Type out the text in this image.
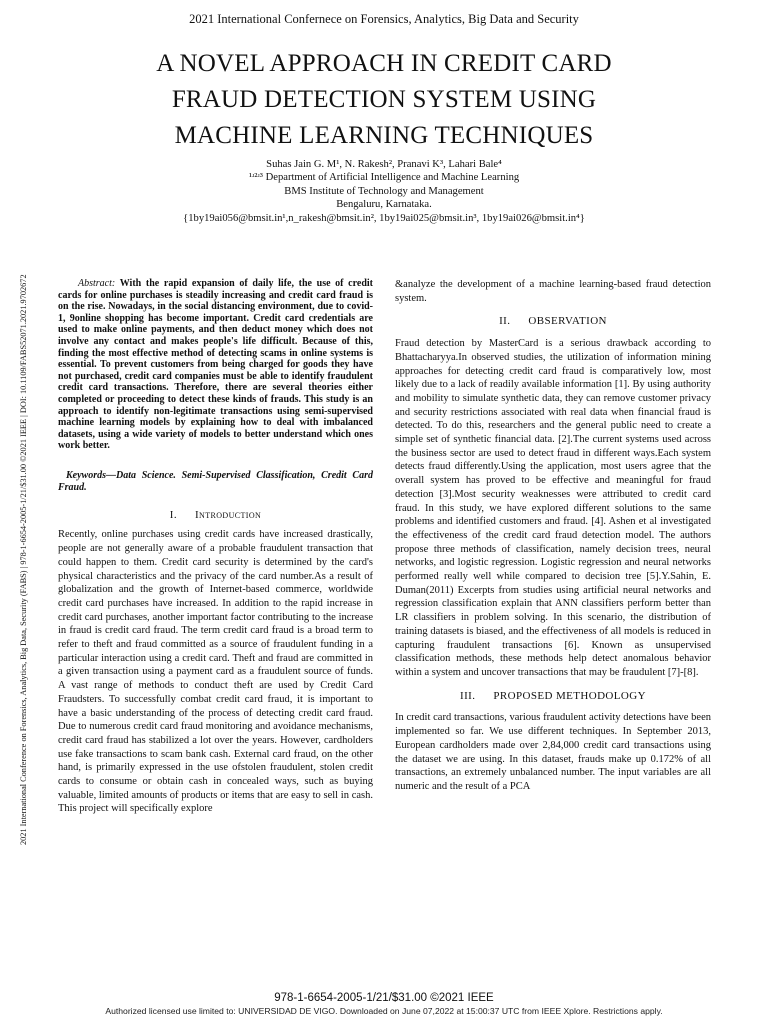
2021 International Confernece on Forensics, Analytics, Big Data and Security
A NOVEL APPROACH IN CREDIT CARD
FRAUD DETECTION SYSTEM USING
MACHINE LEARNING TECHNIQUES
Suhas Jain G. M¹, N. Rakesh², Pranavi K³, Lahari Bale⁴
¹ʴ²ʴ³ Department of Artificial Intelligence and Machine Learning
BMS Institute of Technology and Management
Bengaluru, Karnataka.
{1by19ai056@bmsit.in¹,n_rakesh@bmsit.in², 1by19ai025@bmsit.in³, 1by19ai026@bmsit.in⁴}
2021 International Conference on Forensics, Analytics, Big Data, Security (FABS) | 978-1-6654-2005-1/21/$31.00 ©2021 IEEE | DOI: 10.1109/FABS52071.2021.9702672	Abstract: With the rapid expansion of daily life, the use of credit cards for online purchases is steadily increasing and credit card fraud is on the rise. Nowadays, in the social distancing environment, due to covid-1, 9online shopping has become important. Credit card credentials are used to make online payments, and then deduct money which does not involve any contact and makes people's life difficult. Because of this, finding the most effective method of detecting scams in online systems is essential. To prevent customers from being charged for goods they have not purchased, credit card companies must be able to identify fraudulent credit card transactions. Therefore, there are several theories either completed or proceeding to detect these kinds of frauds. This study is an approach to identify non-legitimate transactions using semi-supervised machine learning models by explaining how to deal with imbalanced datasets, using a wide variety of models to better understand which ones work better.

Keywords—Data Science. Semi-Supervised Classification, Credit Card Fraud.

I. Introduction

Recently, online purchases using credit cards have increased drastically, people are not generally aware of a probable fraudulent transaction that could happen to them. Credit card security is determined by the card's physical characteristics and the privacy of the card number.As a result of globalization and the growth of Internet-based commerce, worldwide credit card purchases have increased. In addition to the rapid increase in credit card purchases, another important factor contributing to the increase in fraud is credit card fraud. The term credit card fraud is a broad term to refer to theft and fraud committed as a source of fraudulent funding in a particular interaction using a credit card. Theft and fraud are committed in a given transaction using a payment card as a fraudulent source of funds. A vast range of methods to conduct theft are used by Credit Card Fraudsters. To successfully combat credit card fraud, it is important to have a basic understanding of the process of detecting credit card fraud. Due to numerous credit card fraud monitoring and avoidance mechanisms, credit card fraud has stabilized a lot over the years. However, cardholders use fake transactions to scam bank cash. External card fraud, on the other hand, is primarily expressed in the use ofstolen fraudulent, stolen credit cards to consume or obtain cash in concealed ways, such as buying valuable, limited amounts of products or items that are easy to sell in cash. This project will specifically explore

&analyze the development of a machine learning-based fraud detection system.

II. OBSERVATION

Fraud detection by MasterCard is a serious drawback according to Bhattacharyya.In observed studies, the utilization of information mining approaches for detecting credit card fraud is comparatively low, most likely due to a lack of readily available information [1]. By using authority and mobility to simulate synthetic data, they can remove customer privacy and security restrictions associated with real data when financial fraud is detected. To do this, researchers and the general public need to create a simple set of synthetic financial data. [2].The current systems used across the business sector are used to detect fraud in different ways.Each system detects fraud differently.Using the application, most users agree that the overall system has proved to be effective and meaningful for fraud detection [3].Most security weaknesses were attributed to credit card fraud. In this study, we have explored different solutions to the same problems and identified customers and fraud. [4]. Ashen et al investigated the effectiveness of the credit card fraud detection model. The authors propose three methods of classification, namely decision trees, neural networks, and logistic regression. Logistic regression and neural networks performed really well while compared to decision tree [5].Y.Sahin, E. Duman(2011) Excerpts from studies using artificial neural networks and regression classification explain that ANN classifiers perform better than LR classifiers in problem solving. In this scenario, the distribution of training datasets is biased, and the effectiveness of all models is reduced in capturing fraudulent transactions [6]. Known as unsupervised classification methods, these methods help detect anomalous behavior within a system and uncover transactions that may be fraudulent [7]-[8].

III. PROPOSED METHODOLOGY

In credit card transactions, various fraudulent activity detections have been implemented so far. We use different techniques. In September 2013, European cardholders made over 2,84,000 credit card transactions using the dataset we are using. In this dataset, frauds make up 0.172% of all transactions, an extremely unbalanced number. The input variables are all numeric and the result of a PCA

978-1-6654-2005-1/21/$31.00 ©2021 IEEE
Authorized licensed use limited to: UNIVERSIDAD DE VIGO. Downloaded on June 07,2022 at 15:00:37 UTC from IEEE Xplore. Restrictions apply.
